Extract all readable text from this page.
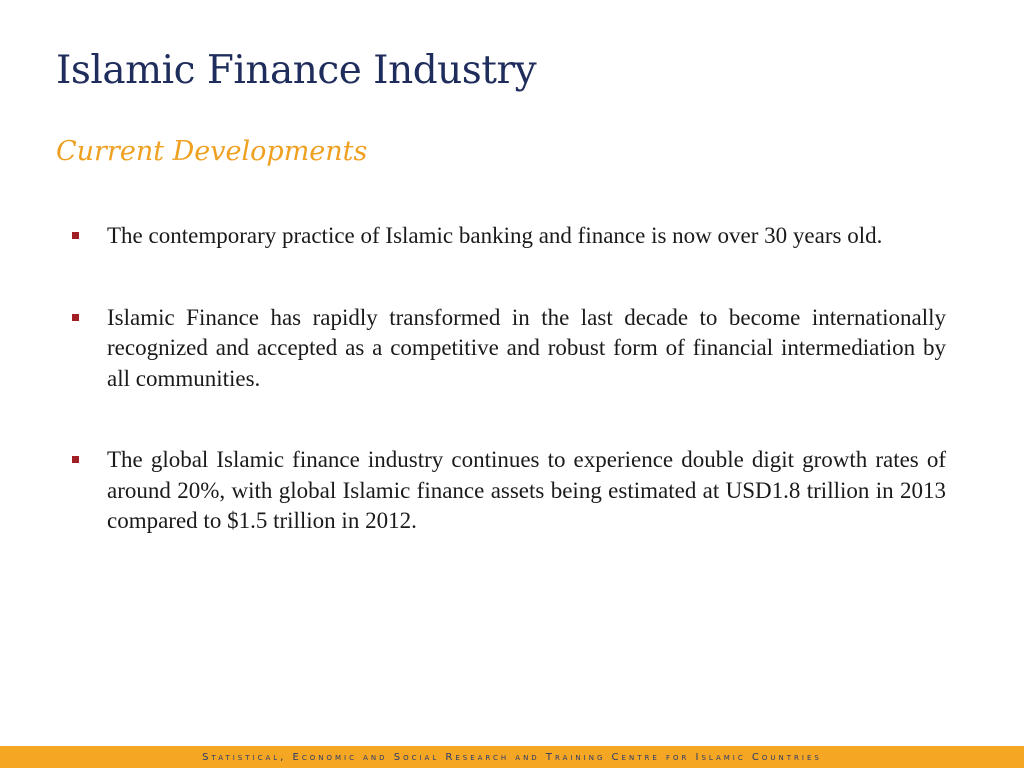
Islamic Finance Industry
Current Developments
The contemporary practice of Islamic banking and finance is now over 30 years old.
Islamic Finance has rapidly transformed in the last decade to become internationally recognized and accepted as a competitive and robust form of financial intermediation by all communities.
The global Islamic finance industry continues to experience double digit growth rates of around 20%, with global Islamic finance assets being estimated at USD1.8 trillion in 2013 compared to $1.5 trillion in 2012.
Statistical, Economic and Social Research and Training Centre for Islamic Countries
